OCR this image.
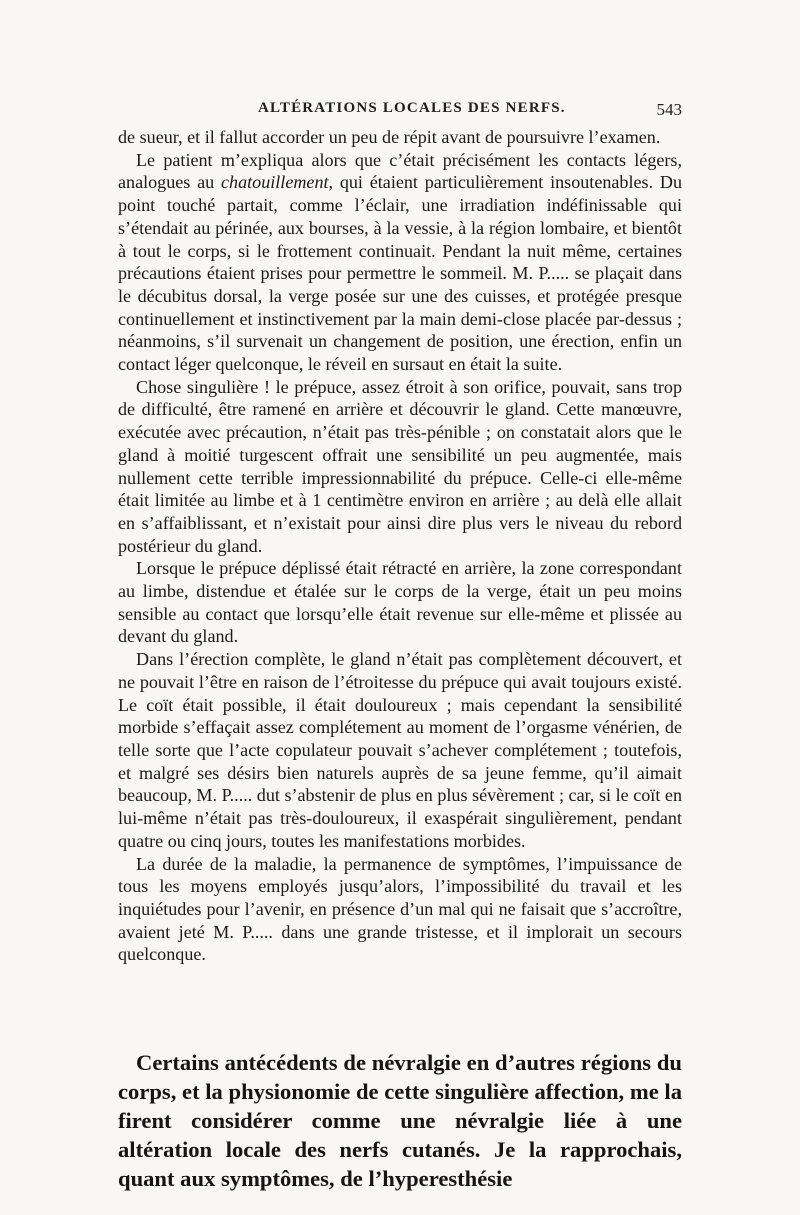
ALTÉRATIONS LOCALES DES NERFS.	543

de sueur, et il fallut accorder un peu de répit avant de poursuivre l’examen.

Le patient m’expliqua alors que c’était précisément les contacts légers, analogues au chatouillement, qui étaient particulièrement insoutenables. Du point touché partait, comme l’éclair, une irradiation indéfinissable qui s’étendait au périnée, aux bourses, à la vessie, à la région lombaire, et bientôt à tout le corps, si le frottement continuait. Pendant la nuit même, certaines précautions étaient prises pour permettre le sommeil. M. P..... se plaçait dans le décubitus dorsal, la verge posée sur une des cuisses, et protégée presque continuellement et instinctivement par la main demi-close placée par-dessus ; néanmoins, s’il survenait un changement de position, une érection, enfin un contact léger quelconque, le réveil en sursaut en était la suite.

Chose singulière ! le prépuce, assez étroit à son orifice, pouvait, sans trop de difficulté, être ramené en arrière et découvrir le gland. Cette manœuvre, exécutée avec précaution, n’était pas très-pénible ; on constatait alors que le gland à moitié turgescent offrait une sensibilité un peu augmentée, mais nullement cette terrible impressionnabilité du prépuce. Celle-ci elle-même était limitée au limbe et à 1 centimètre environ en arrière ; au delà elle allait en s’affaiblissant, et n’existait pour ainsi dire plus vers le niveau du rebord postérieur du gland.

Lorsque le prépuce déplissé était rétracté en arrière, la zone correspondant au limbe, distendue et étalée sur le corps de la verge, était un peu moins sensible au contact que lorsqu’elle était revenue sur elle-même et plissée au devant du gland.

Dans l’érection complète, le gland n’était pas complètement découvert, et ne pouvait l’être en raison de l’étroitesse du prépuce qui avait toujours existé. Le coït était possible, il était douloureux ; mais cependant la sensibilité morbide s’effaçait assez complétement au moment de l’orgasme vénérien, de telle sorte que l’acte copulateur pouvait s’achever complétement ; toutefois, et malgré ses désirs bien naturels auprès de sa jeune femme, qu’il aimait beaucoup, M. P..... dut s’abstenir de plus en plus sévèrement ; car, si le coït en lui-même n’était pas très-douloureux, il exaspérait singulièrement, pendant quatre ou cinq jours, toutes les manifestations morbides.

La durée de la maladie, la permanence de symptômes, l’impuissance de tous les moyens employés jusqu’alors, l’impossibilité du travail et les inquiétudes pour l’avenir, en présence d’un mal qui ne faisait que s’accroître, avaient jeté M. P..... dans une grande tristesse, et il implorait un secours quelconque.

Certains antécédents de névralgie en d’autres régions du corps, et la physionomie de cette singulière affection, me la firent considérer comme une névralgie liée à une altération locale des nerfs cutanés. Je la rapprochais, quant aux symptômes, de l’hyperesthésie
